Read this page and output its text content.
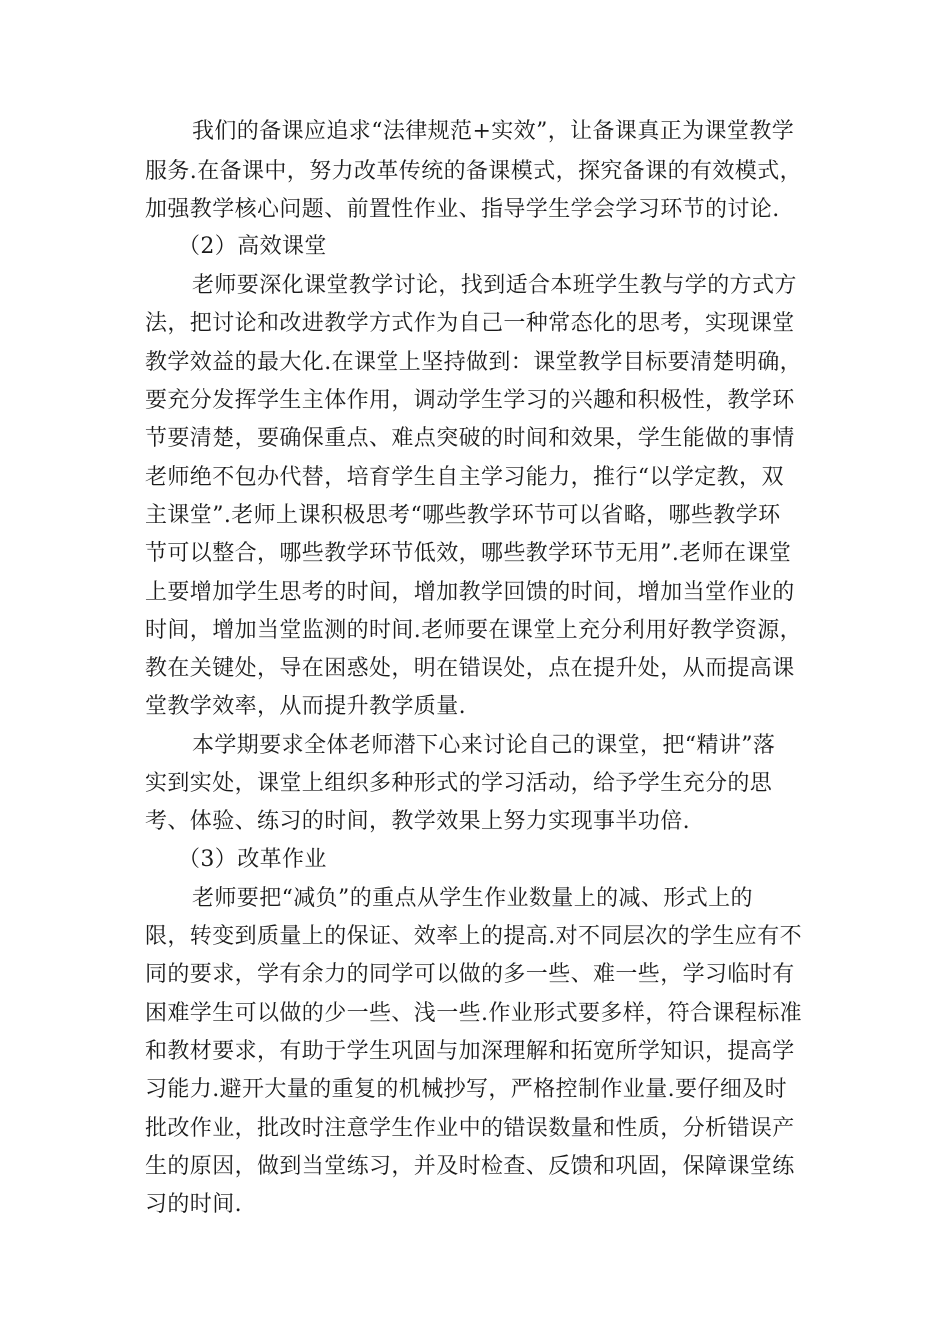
我们的备课应追求“法律规范+实效”，让备课真正为课堂教学
服务.在备课中，努力改革传统的备课模式，探究备课的有效模式，
加强教学核心问题、前置性作业、指导学生学会学习环节的讨论.
（2）高效课堂
老师要深化课堂教学讨论，找到适合本班学生教与学的方式方
法，把讨论和改进教学方式作为自己一种常态化的思考，实现课堂
教学效益的最大化.在课堂上坚持做到：课堂教学目标要清楚明确，
要充分发挥学生主体作用，调动学生学习的兴趣和积极性，教学环
节要清楚，要确保重点、难点突破的时间和效果，学生能做的事情
老师绝不包办代替，培育学生自主学习能力，推行“以学定教，双
主课堂”.老师上课积极思考“哪些教学环节可以省略，哪些教学环
节可以整合，哪些教学环节低效，哪些教学环节无用”.老师在课堂
上要增加学生思考的时间，增加教学回馈的时间，增加当堂作业的
时间，增加当堂监测的时间.老师要在课堂上充分利用好教学资源，
教在关键处，导在困惑处，明在错误处，点在提升处，从而提高课
堂教学效率，从而提升教学质量.
本学期要求全体老师潜下心来讨论自己的课堂，把“精讲”落
实到实处，课堂上组织多种形式的学习活动，给予学生充分的思
考、体验、练习的时间，教学效果上努力实现事半功倍.
（3）改革作业
老师要把“减负”的重点从学生作业数量上的减、形式上的
限，转变到质量上的保证、效率上的提高.对不同层次的学生应有不
同的要求，学有余力的同学可以做的多一些、难一些，学习临时有
困难学生可以做的少一些、浅一些.作业形式要多样，符合课程标准
和教材要求，有助于学生巩固与加深理解和拓宽所学知识，提高学
习能力.避开大量的重复的机械抄写，严格控制作业量.要仔细及时
批改作业，批改时注意学生作业中的错误数量和性质，分析错误产
生的原因，做到当堂练习，并及时检查、反馈和巩固，保障课堂练
习的时间.
